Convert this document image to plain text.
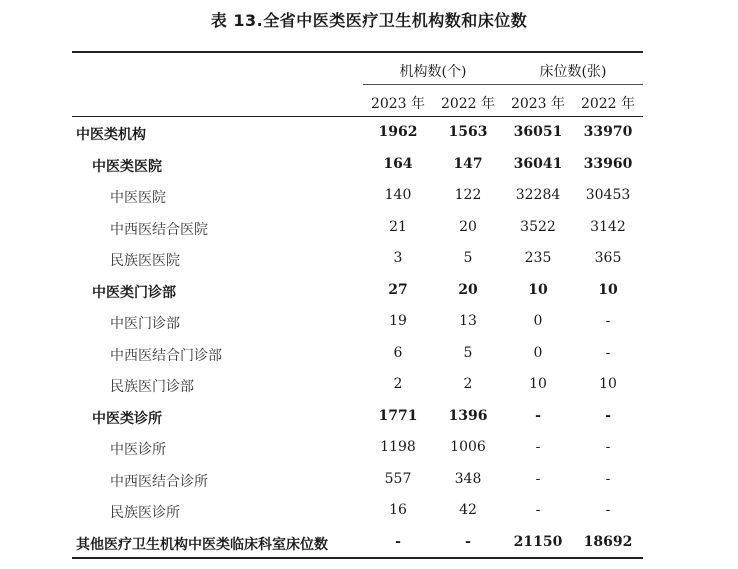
表 13.全省中医类医疗卫生机构数和床位数
机构数(个)	床位数(张)
2023 年	2022 年	2023 年	2022 年
中医类机构	1962	1563	36051	33970
中医类医院	164	147	36041	33960
中医医院	140	122	32284	30453
中西医结合医院	21	20	3522	3142
民族医医院	3	5	235	365
中医类门诊部	27	20	10	10
中医门诊部	19	13	0	-
中西医结合门诊部	6	5	0	-
民族医门诊部	2	2	10	10
中医类诊所	1771	1396	-	-
中医诊所	1198	1006	-	-
中西医结合诊所	557	348	-	-
民族医诊所	16	42	-	-
其他医疗卫生机构中医类临床科室床位数	-	-	21150	18692
